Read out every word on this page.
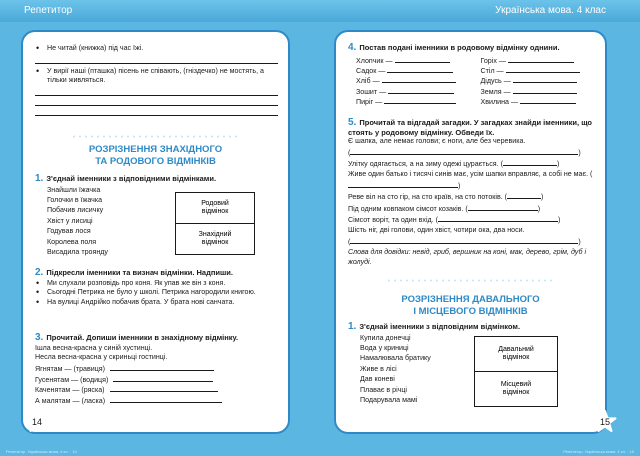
Репетитор	Українська мова. 4 клас
• Не читай (книжка) під час їжі.
• У вирії наші (пташка) пісень не співають, (гніздечко) не мостять, а тільки живляться.
РОЗРІЗНЕННЯ ЗНАХІДНОГО
ТА РОДОВОГО ВІДМІНКІВ
1. З'єднай іменники з відповідними відмінками.
Знайшли їжачка
Голочки в їжачка
Побачив лисичку
Хвіст у лисиці
Годував лося
Королева поля
Висадила троянду
Родовий відмінок
Знахідний відмінок
2. Підкресли іменники та визнач відмінки. Надпиши.
• Ми слухали розповідь про коня. Як упав же він з коня.
• Сьогодні Петрика не було у школі. Петрика нагородили книгою.
• На вулиці Андрійко побачив брата. У брата нові санчата.
3. Прочитай. Допиши іменники в знахідному відмінку.
Ішла весна-красна у синій хустинці.
Несла весна-красна у скриньці гостинці.
Ягнятам — (травиця)
Гусенятам — (водиця)
Каченятам — (ряска)
А малятам — (ласка)
14
4. Постав подані іменники в родовому відмінку однини.
Хлопчик —	Горіх —
Садок —	Стіл —
Хліб —	Дідусь —
Зошит —	Земля —
Пиріг —	Хвилина —
5. Прочитай та відгадай загадки. У загадках знайди іменники, що стоять у родовому відмінку. Обведи їх.
Є шапка, але немає голови; є ноги, але без черевика.
(	)
Улітку одягається, а на зиму одежі цурається. (	)
Живе один батько і тисячі синів має, усім шапки вправляє, а собі не має. ()
Реве віл на сто гір, на сто країв, на сто потоків. (	)
Під одним ковпаком сімсот козаків. (	)
Сімсот воріт, та один вхід. (	)
Шість ніг, дві голови, один хвіст, чотири ока, два носи.
(	)
Слова для довідки: невід, гриб, вершник на коні, мак, дерево, грім, дуб і жолуді.
РОЗРІЗНЕННЯ ДАВАЛЬНОГО
І МІСЦЕВОГО ВІДМІНКІВ
1. З'єднай іменники з відповідним відмінком.
Купила донечці
Вода у криниці
Намалювала братику
Живе в лісі
Дав коневі
Плаває в річці
Подарувала мамі
Давальний відмінок
Місцевий відмінок
15
Репетитор. Українська мова. 4 кл. · 14	Репетитор. Українська мова. 4 кл. · 15
